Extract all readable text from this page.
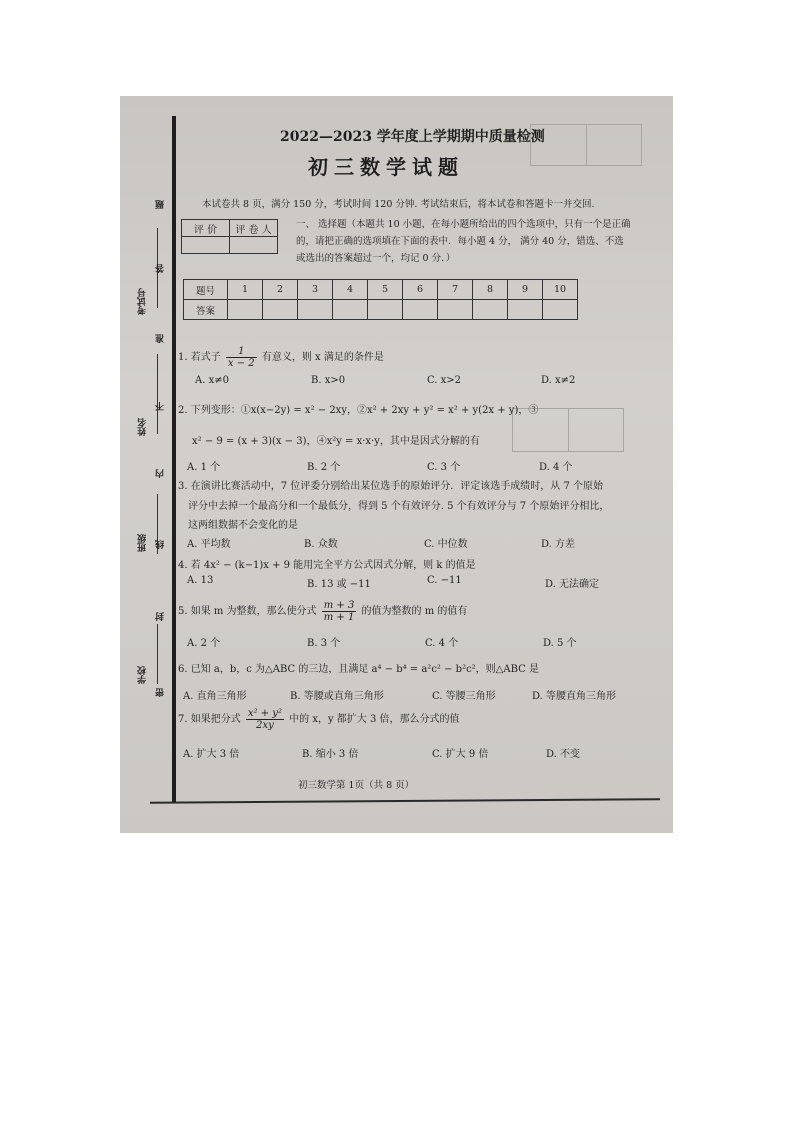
考试号
姓名
班级
学校
题
答
准
不
内
线
封
密
2022—2023 学年度上学期期中质量检测
初三数学试题
本试卷共 8 页，满分 150 分，考试时间 120 分钟. 考试结束后，将本试卷和答题卡一并交回.
评 价	评 卷 人
		一、 选择题（本题共 10 小题，在每小题所给出的四个选项中，只有一个是正确的，请把正确的选项填在下面的表中．每小题 4 分， 满分 40 分，错选、不选或选出的答案超过一个，均记 0 分．）
题号	1	2	3	4	5	6	7	8	9	10
答案										
1. 若式子 $\frac{1}{x - 2}$ 有意义，则 x 满足的条件是
A. x≠0	B. x>0	C. x>2	D. x≠2
2. 下列变形：①x(x−2y) = x² − 2xy，②x² + 2xy + y² = x² + y(2x + y)，③
x² − 9 = (x + 3)(x − 3)，④x²y = x·x·y，其中是因式分解的有
A. 1 个	B. 2 个	C. 3 个	D. 4 个
3. 在演讲比赛活动中，7 位评委分别给出某位选手的原始评分．评定该选手成绩时，从 7 个原始
评分中去掉一个最高分和一个最低分，得到 5 个有效评分. 5 个有效评分与 7 个原始评分相比，
这两组数据不会变化的是
A. 平均数	B. 众数	C. 中位数	D. 方差
4. 若 4x² − (k−1)x + 9 能用完全平方公式因式分解，则 k 的值是
A. 13	B. 13 或 −11	C. −11	D. 无法确定
5. 如果 m 为整数，那么使分式 $\frac{m + 3}{m + 1}$ 的值为整数的 m 的值有
A. 2 个	B. 3 个	C. 4 个	D. 5 个
6. 已知 a，b，c 为△ABC 的三边，且满足 a⁴ − b⁴ = a²c² − b²c²，则△ABC 是
A. 直角三角形	B. 等腰或直角三角形	C. 等腰三角形	D. 等腰直角三角形
7. 如果把分式 $\frac{\text{x² + y²}}{2xy}$ 中的 x，y 都扩大 3 倍，那么分式的值
A. 扩大 3 倍	B. 缩小 3 倍	C. 扩大 9 倍	D. 不变
初三数学第 1页（共 8 页）
